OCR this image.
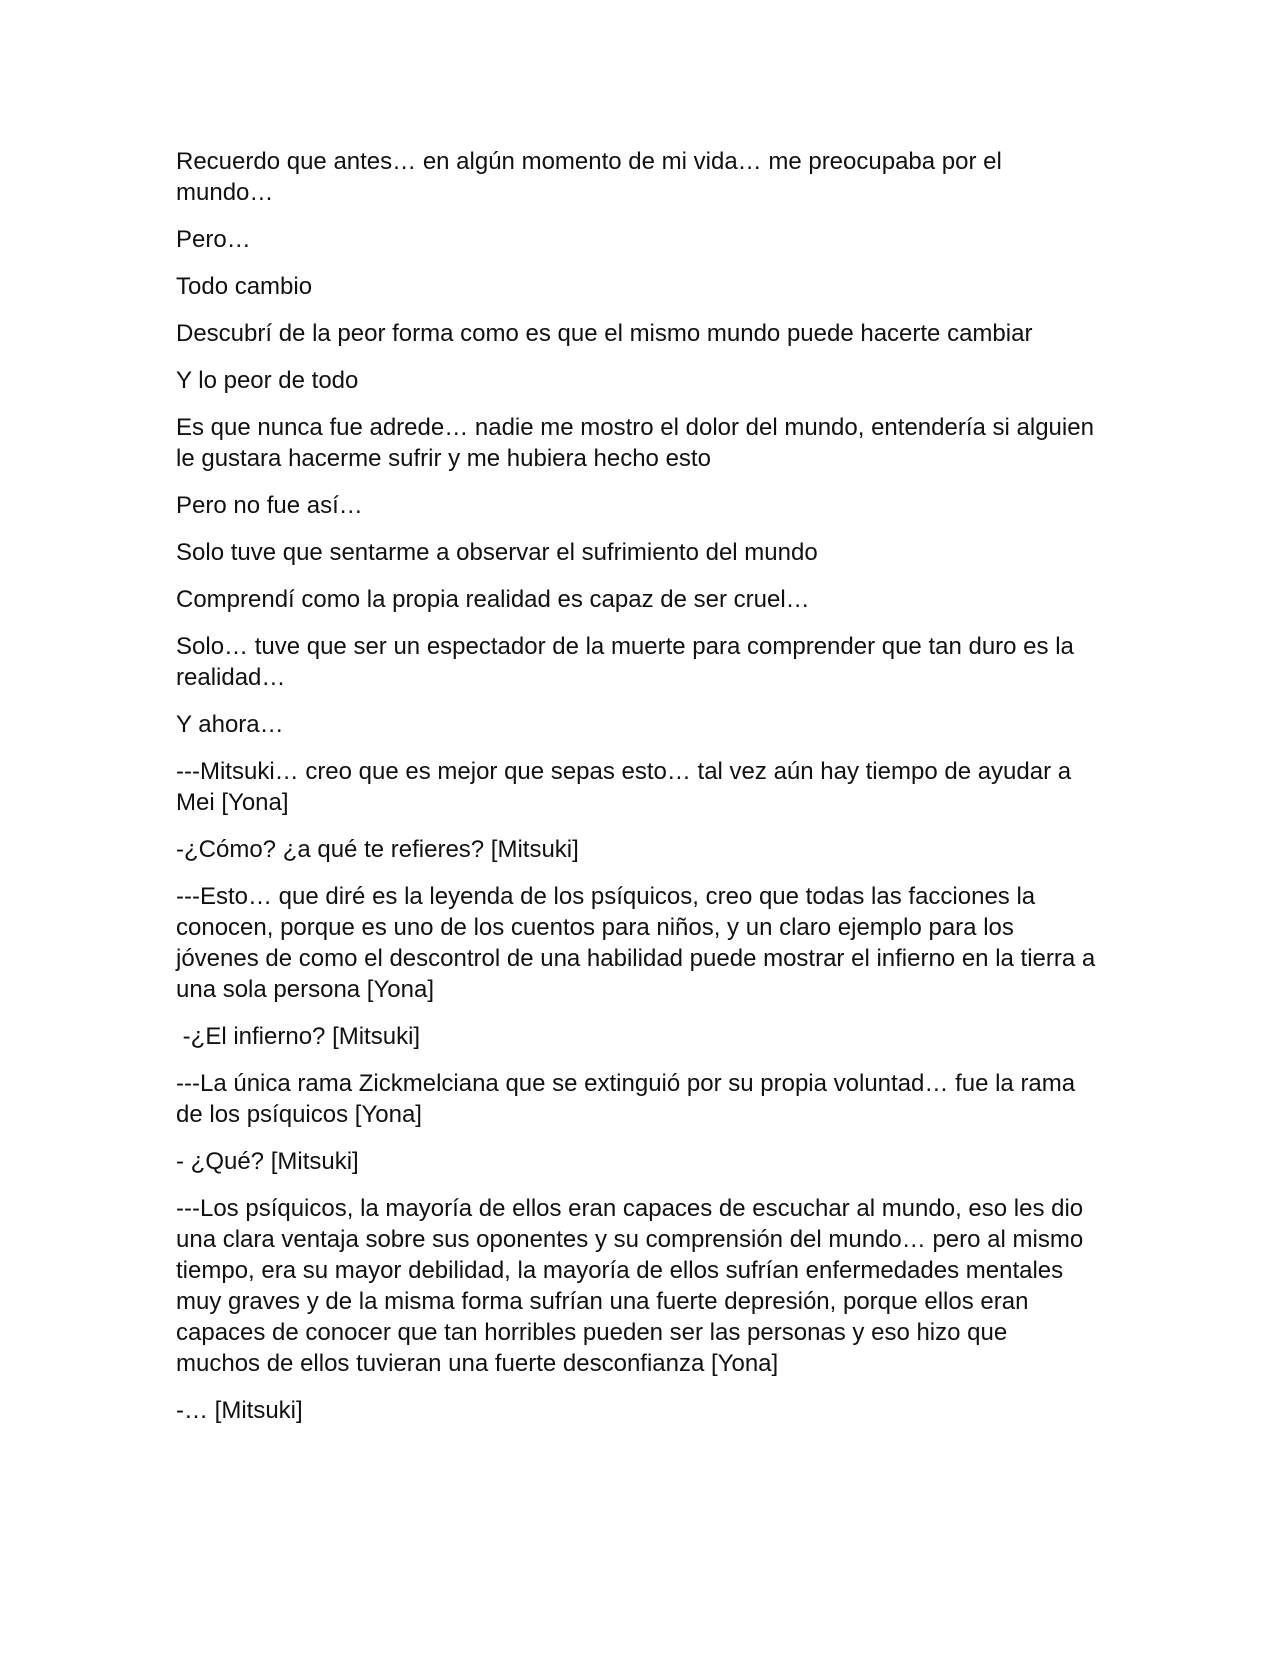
Recuerdo que antes… en algún momento de mi vida… me preocupaba por el mundo…

Pero…

Todo cambio

Descubrí de la peor forma como es que el mismo mundo puede hacerte cambiar

Y lo peor de todo

Es que nunca fue adrede… nadie me mostro el dolor del mundo, entendería si alguien le gustara hacerme sufrir y me hubiera hecho esto

Pero no fue así…

Solo tuve que sentarme a observar el sufrimiento del mundo

Comprendí como la propia realidad es capaz de ser cruel…

Solo… tuve que ser un espectador de la muerte para comprender que tan duro es la realidad…

Y ahora…

---Mitsuki… creo que es mejor que sepas esto… tal vez aún hay tiempo de ayudar a Mei [Yona]

-¿Cómo? ¿a qué te refieres? [Mitsuki]

---Esto… que diré es la leyenda de los psíquicos, creo que todas las facciones la conocen, porque es uno de los cuentos para niños, y un claro ejemplo para los jóvenes de como el descontrol de una habilidad puede mostrar el infierno en la tierra a una sola persona [Yona]

-¿El infierno? [Mitsuki]

---La única rama Zickmelciana que se extinguió por su propia voluntad… fue la rama de los psíquicos [Yona]

- ¿Qué? [Mitsuki]

---Los psíquicos, la mayoría de ellos eran capaces de escuchar al mundo, eso les dio una clara ventaja sobre sus oponentes y su comprensión del mundo… pero al mismo tiempo, era su mayor debilidad, la mayoría de ellos sufrían enfermedades mentales muy graves y de la misma forma sufrían una fuerte depresión, porque ellos eran capaces de conocer que tan horribles pueden ser las personas y eso hizo que muchos de ellos tuvieran una fuerte desconfianza [Yona]

-… [Mitsuki]
